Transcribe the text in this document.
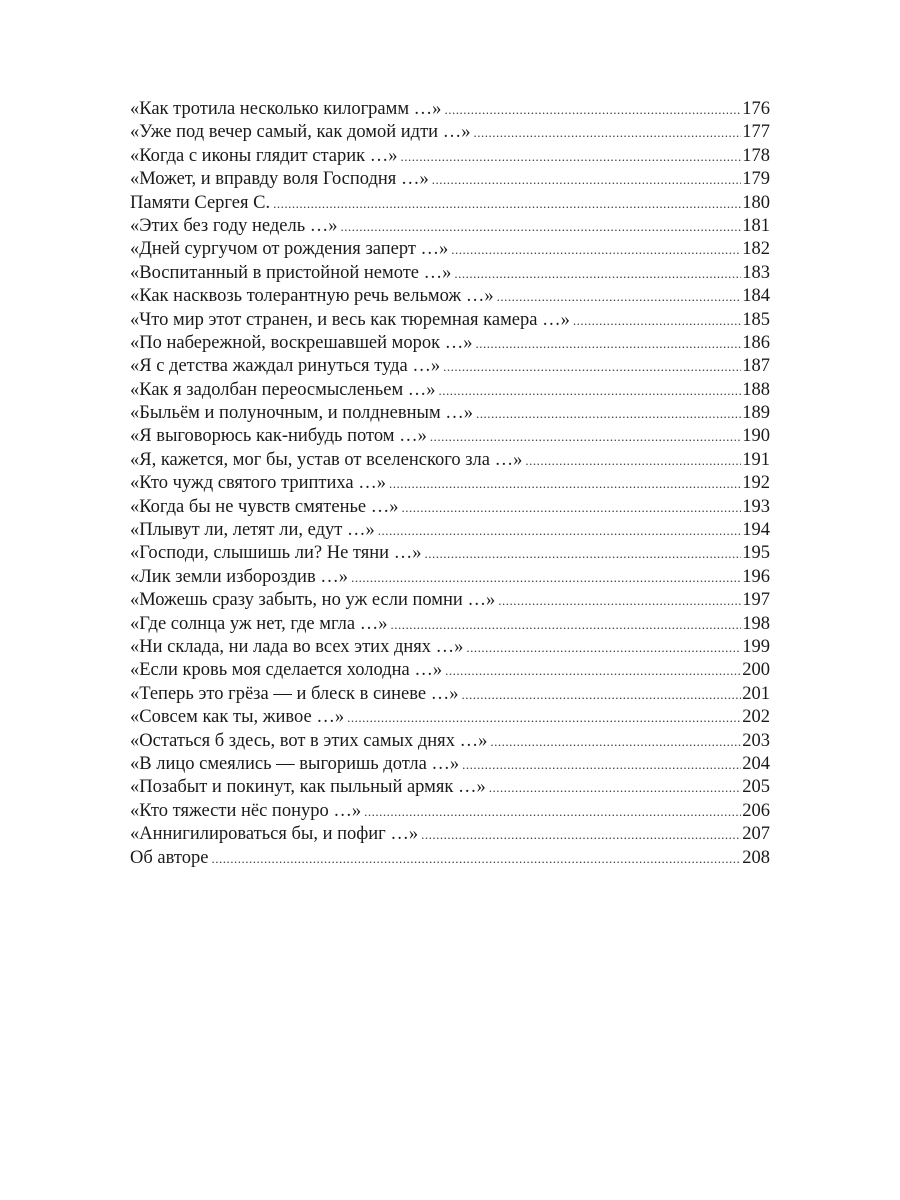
«Как тротила несколько килограмм …» .....	176
«Уже под вечер самый, как домой идти …» .....	177
«Когда с иконы глядит старик …» .....	178
«Может, и вправду воля Господня …» .....	179
Памяти Сергея С. .....	180
«Этих без году недель …» .....	181
«Дней сургучом от рождения заперт …» .....	182
«Воспитанный в пристойной немоте …» .....	183
«Как насквозь толерантную речь вельмож …» .....	184
«Что мир этот странен, и весь как тюремная камера …» .....	185
«По набережной, воскрешавшей морок …» .....	186
«Я с детства жаждал ринуться туда …» .....	187
«Как я задолбан переосмысленьем …» .....	188
«Быльём и полуночным, и полдневным …» .....	189
«Я выговорюсь как-нибудь потом …» .....	190
«Я, кажется, мог бы, устав от вселенского зла …» .....	191
«Кто чужд святого триптиха …» .....	192
«Когда бы не чувств смятенье …» .....	193
«Плывут ли, летят ли, едут …» .....	194
«Господи, слышишь ли? Не тяни …» .....	195
«Лик земли избороздив …» .....	196
«Можешь сразу забыть, но уж если помни …» .....	197
«Где солнца уж нет, где мгла …» .....	198
«Ни склада, ни лада во всех этих днях …» .....	199
«Если кровь моя сделается холодна …» .....	200
«Теперь это грёза — и блеск в синеве …» .....	201
«Совсем как ты, живое …» .....	202
«Остаться б здесь, вот в этих самых днях …» .....	203
«В лицо смеялись — выгоришь дотла …» .....	204
«Позабыт и покинут, как пыльный армяк …» .....	205
«Кто тяжести нёс понуро …» .....	206
«Аннигилироваться бы, и пофиг …» .....	207
Об авторе .....	208
